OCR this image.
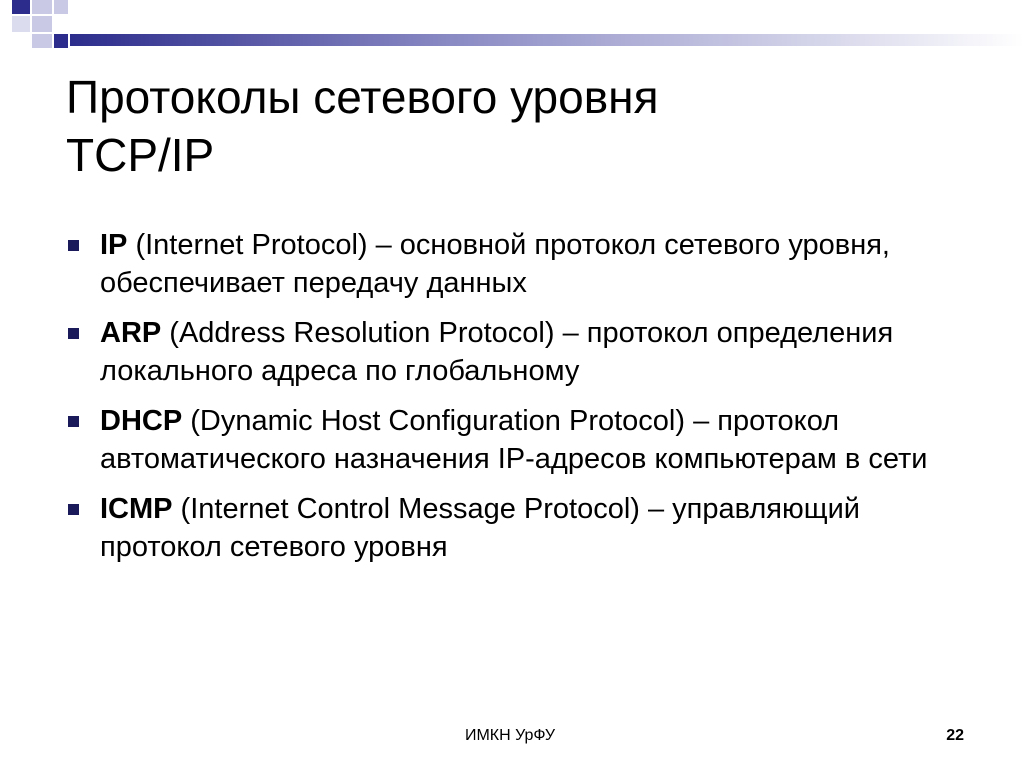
Протоколы сетевого уровня
TCP/IP
IP (Internet Protocol) – основной протокол сетевого уровня, обеспечивает передачу данных
ARP (Address Resolution Protocol) – протокол определения локального адреса по глобальному
DHCP (Dynamic Host Configuration Protocol) – протокол автоматического назначения IP-адресов компьютерам в сети
ICMP (Internet Control Message Protocol) – управляющий протокол сетевого уровня
ИМКН УрФУ	22
